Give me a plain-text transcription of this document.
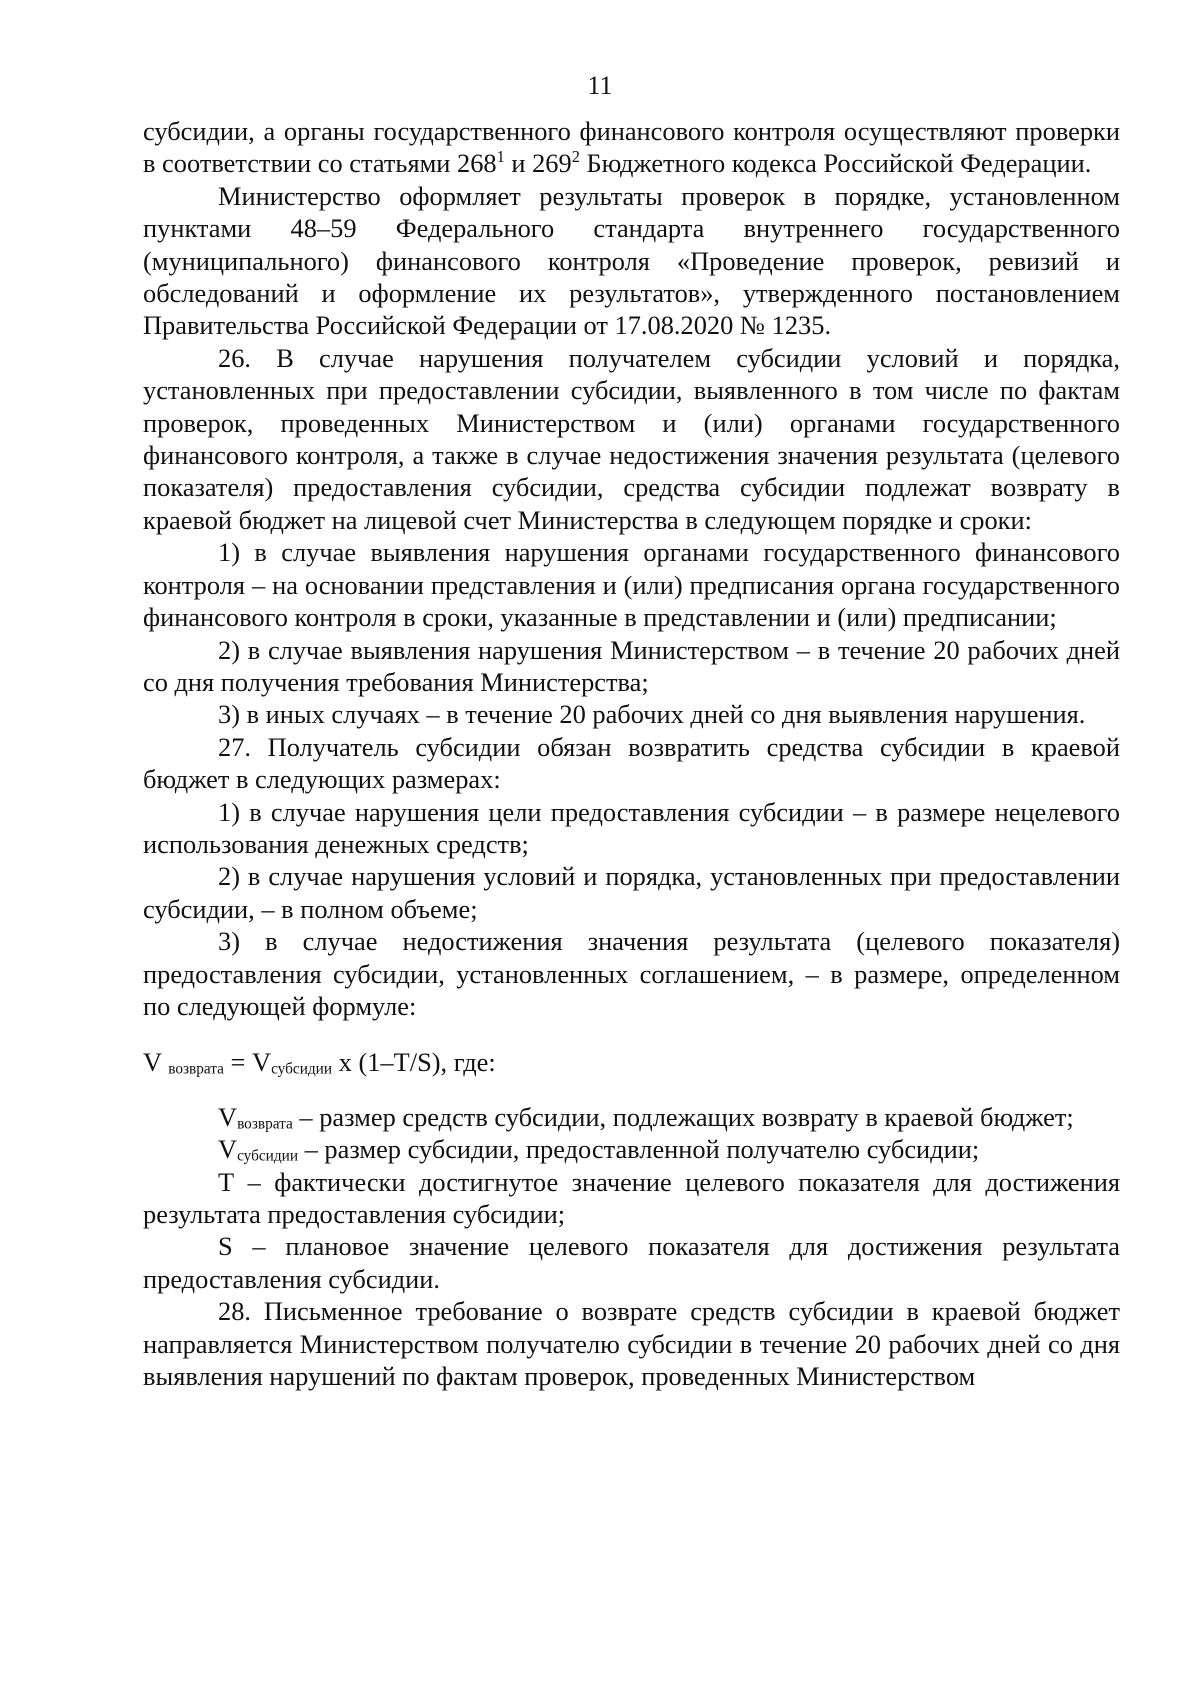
11

субсидии, а органы государственного финансового контроля осуществляют проверки в соответствии со статьями $268^1$ и $269^2$ Бюджетного кодекса Российской Федерации.

Министерство оформляет результаты проверок в порядке, установленном пунктами 48–59 Федерального стандарта внутреннего государственного (муниципального) финансового контроля «Проведение проверок, ревизий и обследований и оформление их результатов», утвержденного постановлением Правительства Российской Федерации от 17.08.2020 № 1235.

26. В случае нарушения получателем субсидии условий и порядка, установленных при предоставлении субсидии, выявленного в том числе по фактам проверок, проведенных Министерством и (или) органами государственного финансового контроля, а также в случае недостижения значения результата (целевого показателя) предоставления субсидии, средства субсидии подлежат возврату в краевой бюджет на лицевой счет Министерства в следующем порядке и сроки:

1) в случае выявления нарушения органами государственного финансового контроля – на основании представления и (или) предписания органа государственного финансового контроля в сроки, указанные в представлении и (или) предписании;

2) в случае выявления нарушения Министерством – в течение 20 рабочих дней со дня получения требования Министерства;

3) в иных случаях – в течение 20 рабочих дней со дня выявления нарушения.

27. Получатель субсидии обязан возвратить средства субсидии в краевой бюджет в следующих размерах:

1) в случае нарушения цели предоставления субсидии – в размере нецелевого использования денежных средств;

2) в случае нарушения условий и порядка, установленных при предоставлении субсидии, – в полном объеме;

3) в случае недостижения значения результата (целевого показателя) предоставления субсидии, установленных соглашением, – в размере, определенном по следующей формуле:

V возврата = Vсубсидии x (1–T/S), где:

Vвозврата – размер средств субсидии, подлежащих возврату в краевой бюджет;

Vсубсидии – размер субсидии, предоставленной получателю субсидии;

Т – фактически достигнутое значение целевого показателя для достижения результата предоставления субсидии;

S – плановое значение целевого показателя для достижения результата предоставления субсидии.

28. Письменное требование о возврате средств субсидии в краевой бюджет направляется Министерством получателю субсидии в течение 20 рабочих дней со дня выявления нарушений по фактам проверок, проведенных Министерством
